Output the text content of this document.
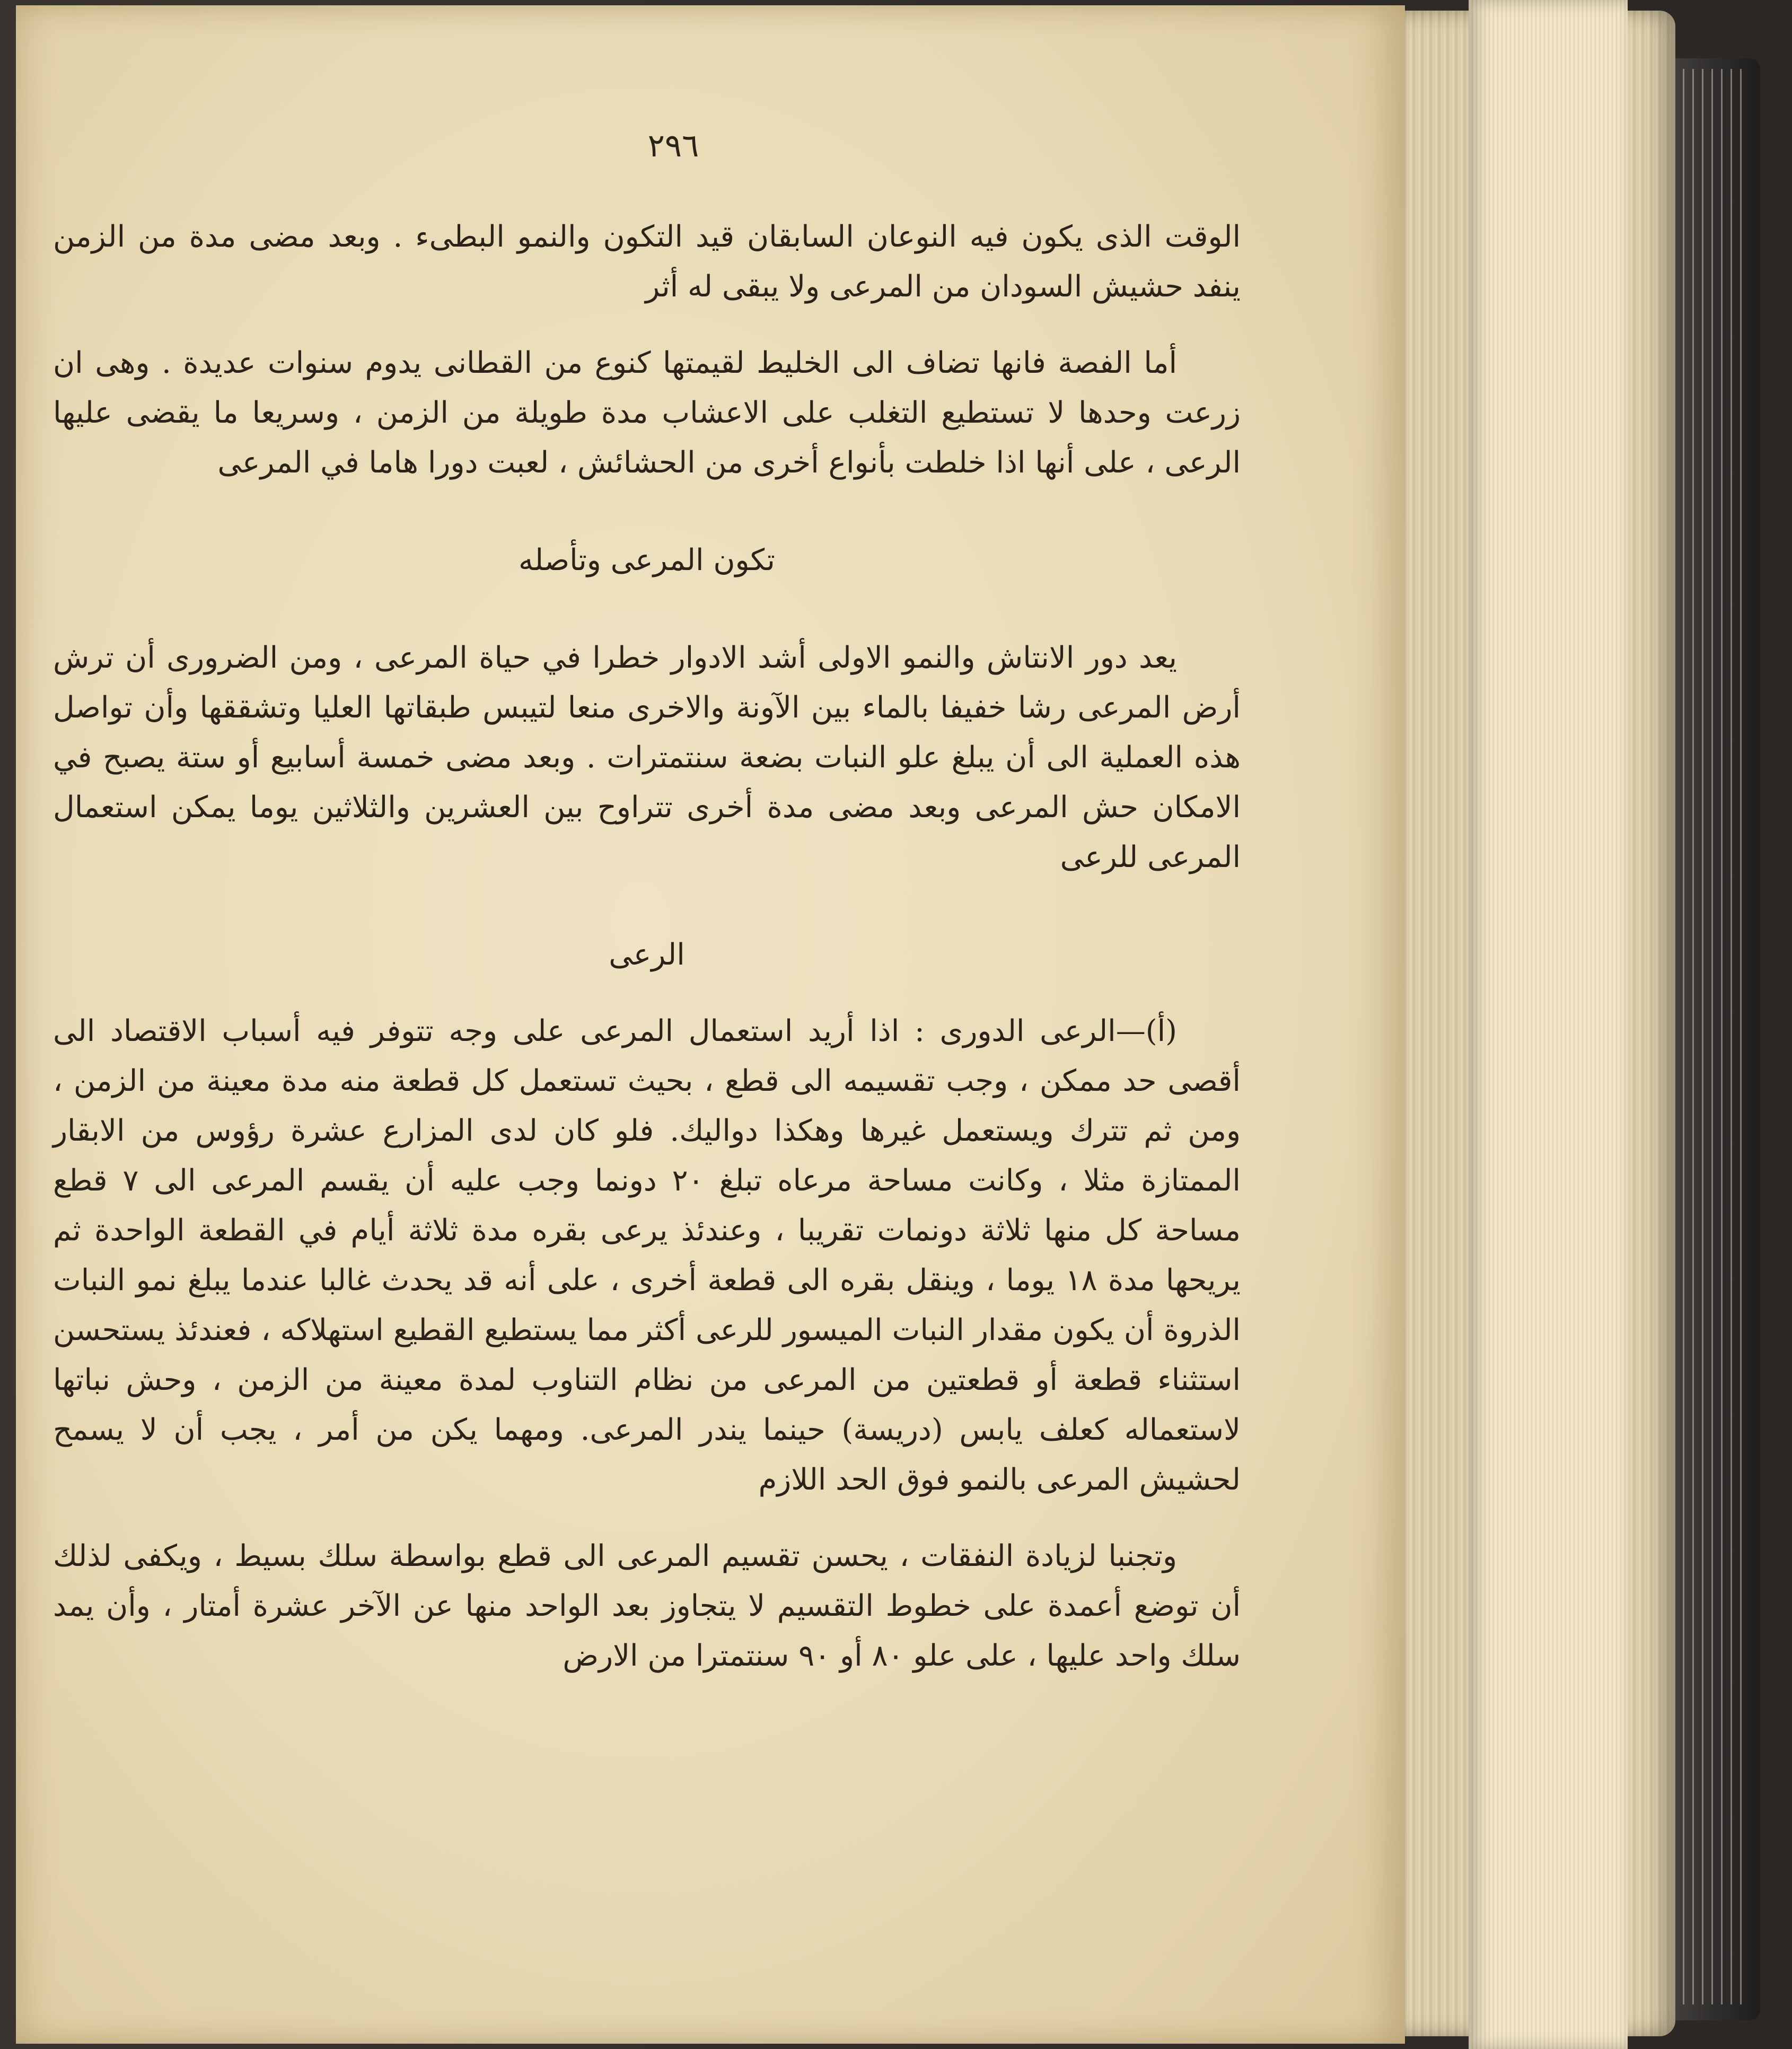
٢٩٦

الوقت الذى يكون فيه النوعان السابقان قيد التكون والنمو البطىء . وبعد مضى مدة من الزمن ينفد حشيش السودان من المرعى ولا يبقى له أثر

أما الفصة فانها تضاف الى الخليط لقيمتها كنوع من القطانى يدوم سنوات عديدة . وهى ان زرعت وحدها لا تستطيع التغلب على الاعشاب مدة طويلة من الزمن ، وسريعا ما يقضى عليها الرعى ، على أنها اذا خلطت بأنواع أخرى من الحشائش ، لعبت دورا هاما في المرعى

تكون المرعى وتأصله

يعد دور الانتاش والنمو الاولى أشد الادوار خطرا في حياة المرعى ، ومن الضرورى أن ترش أرض المرعى رشا خفيفا بالماء بين الآونة والاخرى منعا لتيبس طبقاتها العليا وتشققها وأن تواصل هذه العملية الى أن يبلغ علو النبات بضعة سنتمترات . وبعد مضى خمسة أسابيع أو ستة يصبح في الامكان حش المرعى وبعد مضى مدة أخرى تتراوح بين العشرين والثلاثين يوما يمكن استعمال المرعى للرعى

الرعى

(أ)—الرعى الدورى : اذا أريد استعمال المرعى على وجه تتوفر فيه أسباب الاقتصاد الى أقصى حد ممكن ، وجب تقسيمه الى قطع ، بحيث تستعمل كل قطعة منه مدة معينة من الزمن ، ومن ثم تترك ويستعمل غيرها وهكذا دواليك. فلو كان لدى المزارع عشرة رؤوس من الابقار الممتازة مثلا ، وكانت مساحة مرعاه تبلغ ٢٠ دونما وجب عليه أن يقسم المرعى الى ٧ قطع مساحة كل منها ثلاثة دونمات تقريبا ، وعندئذ يرعى بقره مدة ثلاثة أيام في القطعة الواحدة ثم يريحها مدة ١٨ يوما ، وينقل بقره الى قطعة أخرى ، على أنه قد يحدث غالبا عندما يبلغ نمو النبات الذروة أن يكون مقدار النبات الميسور للرعى أكثر مما يستطيع القطيع استهلاكه ، فعندئذ يستحسن استثناء قطعة أو قطعتين من المرعى من نظام التناوب لمدة معينة من الزمن ، وحش نباتها لاستعماله كعلف يابس (دريسة) حينما يندر المرعى. ومهما يكن من أمر ، يجب أن لا يسمح لحشيش المرعى بالنمو فوق الحد اللازم

وتجنبا لزيادة النفقات ، يحسن تقسيم المرعى الى قطع بواسطة سلك بسيط ، ويكفى لذلك أن توضع أعمدة على خطوط التقسيم لا يتجاوز بعد الواحد منها عن الآخر عشرة أمتار ، وأن يمد سلك واحد عليها ، على علو ٨٠ أو ٩٠ سنتمترا من الارض
